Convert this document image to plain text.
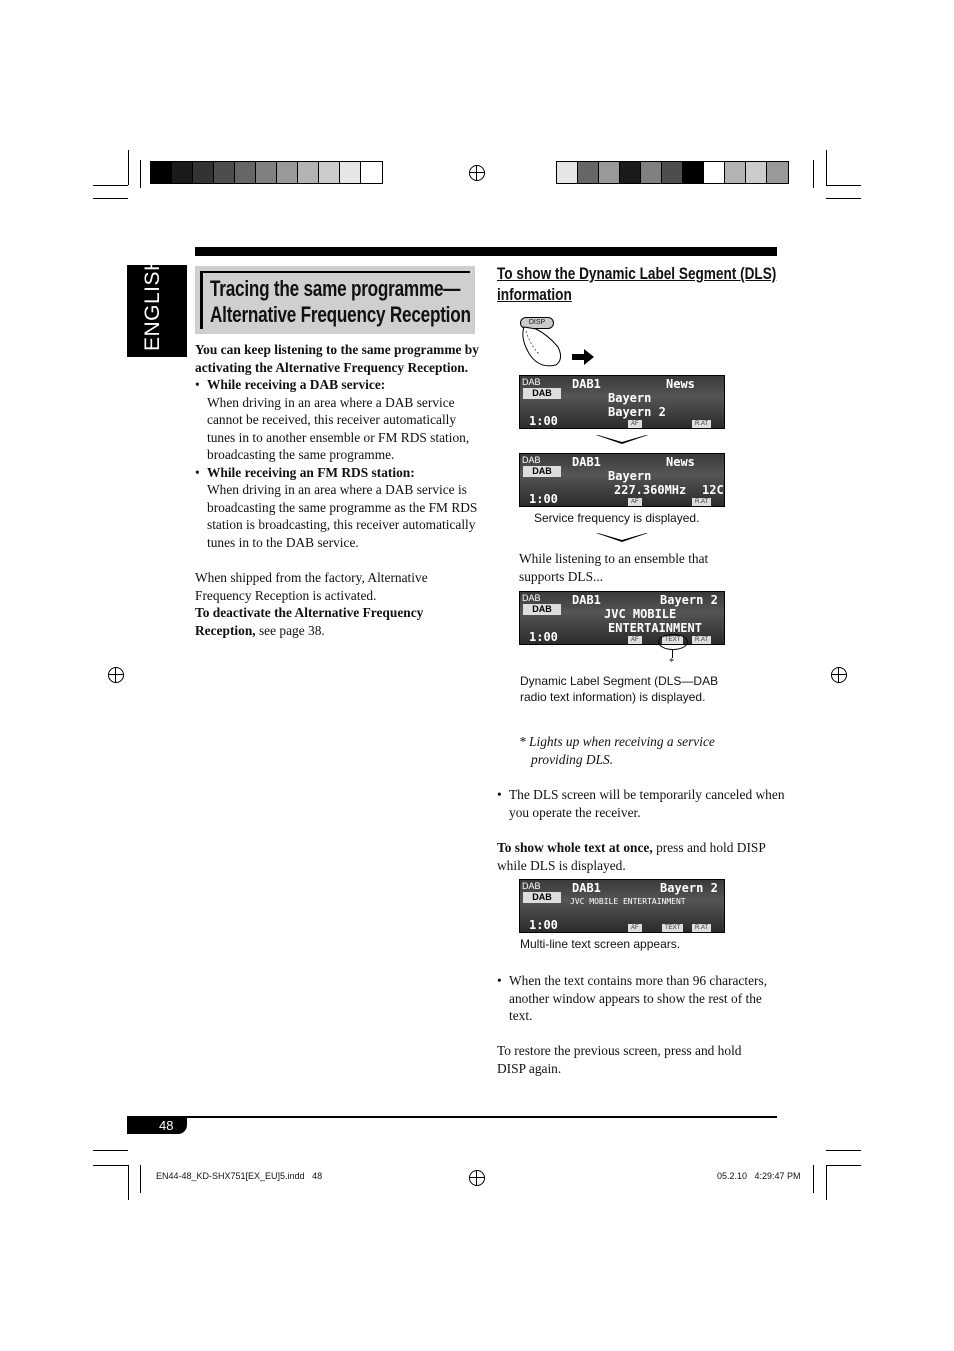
ENGLISH Tracing the same programme—
Alternative Frequency Reception
You can keep listening to the same programme by activating the Alternative Frequency Reception.
• While receiving a DAB service:
When driving in an area where a DAB service cannot be received, this receiver automatically tunes in to another ensemble or FM RDS station, broadcasting the same programme.
• While receiving an FM RDS station:
When driving in an area where a DAB service is broadcasting the same programme as the FM RDS station is broadcasting, this receiver automatically tunes in to the DAB service.
When shipped from the factory, Alternative Frequency Reception is activated.
To deactivate the Alternative Frequency Reception, see page 38.
To show the Dynamic Label Segment (DLS)
information
DISP
DAB
DAB
DAB1	News
Bayern
Bayern 2
1:00	AF	R.AT
DAB
DAB
DAB1	News
Bayern
227.360MHz 12C
1:00	AF	R.AT
Service frequency is displayed.
While listening to an ensemble that supports DLS...
DAB
DAB
DAB1	Bayern 2
JVC MOBILE
ENTERTAINMENT
1:00	AF	TEXT	R.AT
*
Dynamic Label Segment (DLS—DAB radio text information) is displayed.
* Lights up when receiving a service providing DLS.
• The DLS screen will be temporarily canceled when you operate the receiver.
To show whole text at once, press and hold DISP while DLS is displayed.
DAB
DAB
DAB1	Bayern 2
JVC MOBILE ENTERTAINMENT
1:00	AF	TEXT	R.AT
Multi-line text screen appears.
• When the text contains more than 96 characters, another window appears to show the rest of the text.
To restore the previous screen, press and hold DISP again.
48
EN44-48_KD-SHX751[EX_EU]5.indd   48	05.2.10   4:29:47 PM
